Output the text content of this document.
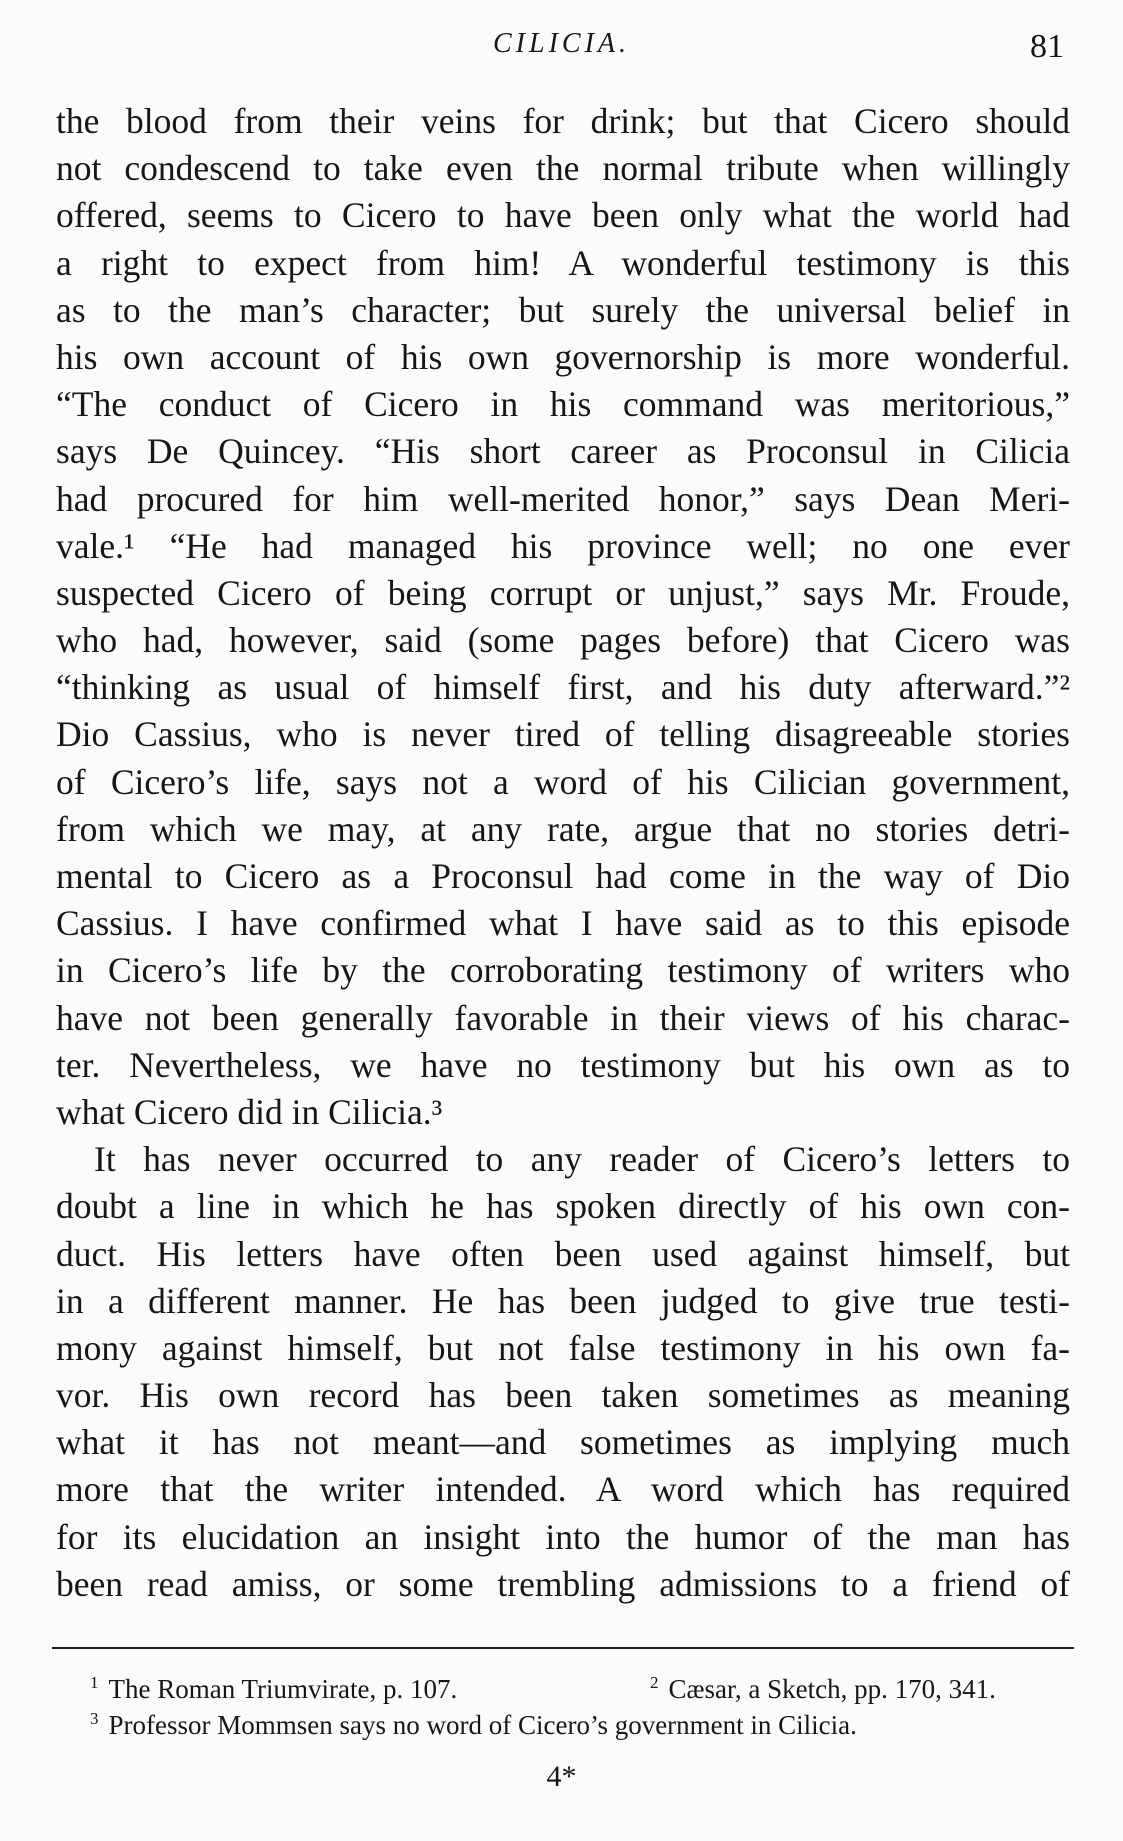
CILICIA.	81
the blood from their veins for drink; but that Cicero should
not condescend to take even the normal tribute when willingly
offered, seems to Cicero to have been only what the world had
a right to expect from him! A wonderful testimony is this
as to the man’s character; but surely the universal belief in
his own account of his own governorship is more wonderful.
“The conduct of Cicero in his command was meritorious,”
says De Quincey. “His short career as Proconsul in Cilicia
had procured for him well-merited honor,” says Dean Meri-
vale.¹ “He had managed his province well; no one ever
suspected Cicero of being corrupt or unjust,” says Mr. Froude,
who had, however, said (some pages before) that Cicero was
“thinking as usual of himself first, and his duty afterward.”²
Dio Cassius, who is never tired of telling disagreeable stories
of Cicero’s life, says not a word of his Cilician government,
from which we may, at any rate, argue that no stories detri-
mental to Cicero as a Proconsul had come in the way of Dio
Cassius. I have confirmed what I have said as to this episode
in Cicero’s life by the corroborating testimony of writers who
have not been generally favorable in their views of his charac-
ter. Nevertheless, we have no testimony but his own as to
what Cicero did in Cilicia.³
It has never occurred to any reader of Cicero’s letters to
doubt a line in which he has spoken directly of his own con-
duct. His letters have often been used against himself, but
in a different manner. He has been judged to give true testi-
mony against himself, but not false testimony in his own fa-
vor. His own record has been taken sometimes as meaning
what it has not meant—and sometimes as implying much
more that the writer intended. A word which has required
for its elucidation an insight into the humor of the man has
been read amiss, or some trembling admissions to a friend of
$^1$ The Roman Triumvirate, p. 107.	$^2$ Cæsar, a Sketch, pp. 170, 341.
$^3$ Professor Mommsen says no word of Cicero’s government in Cilicia.
4*
